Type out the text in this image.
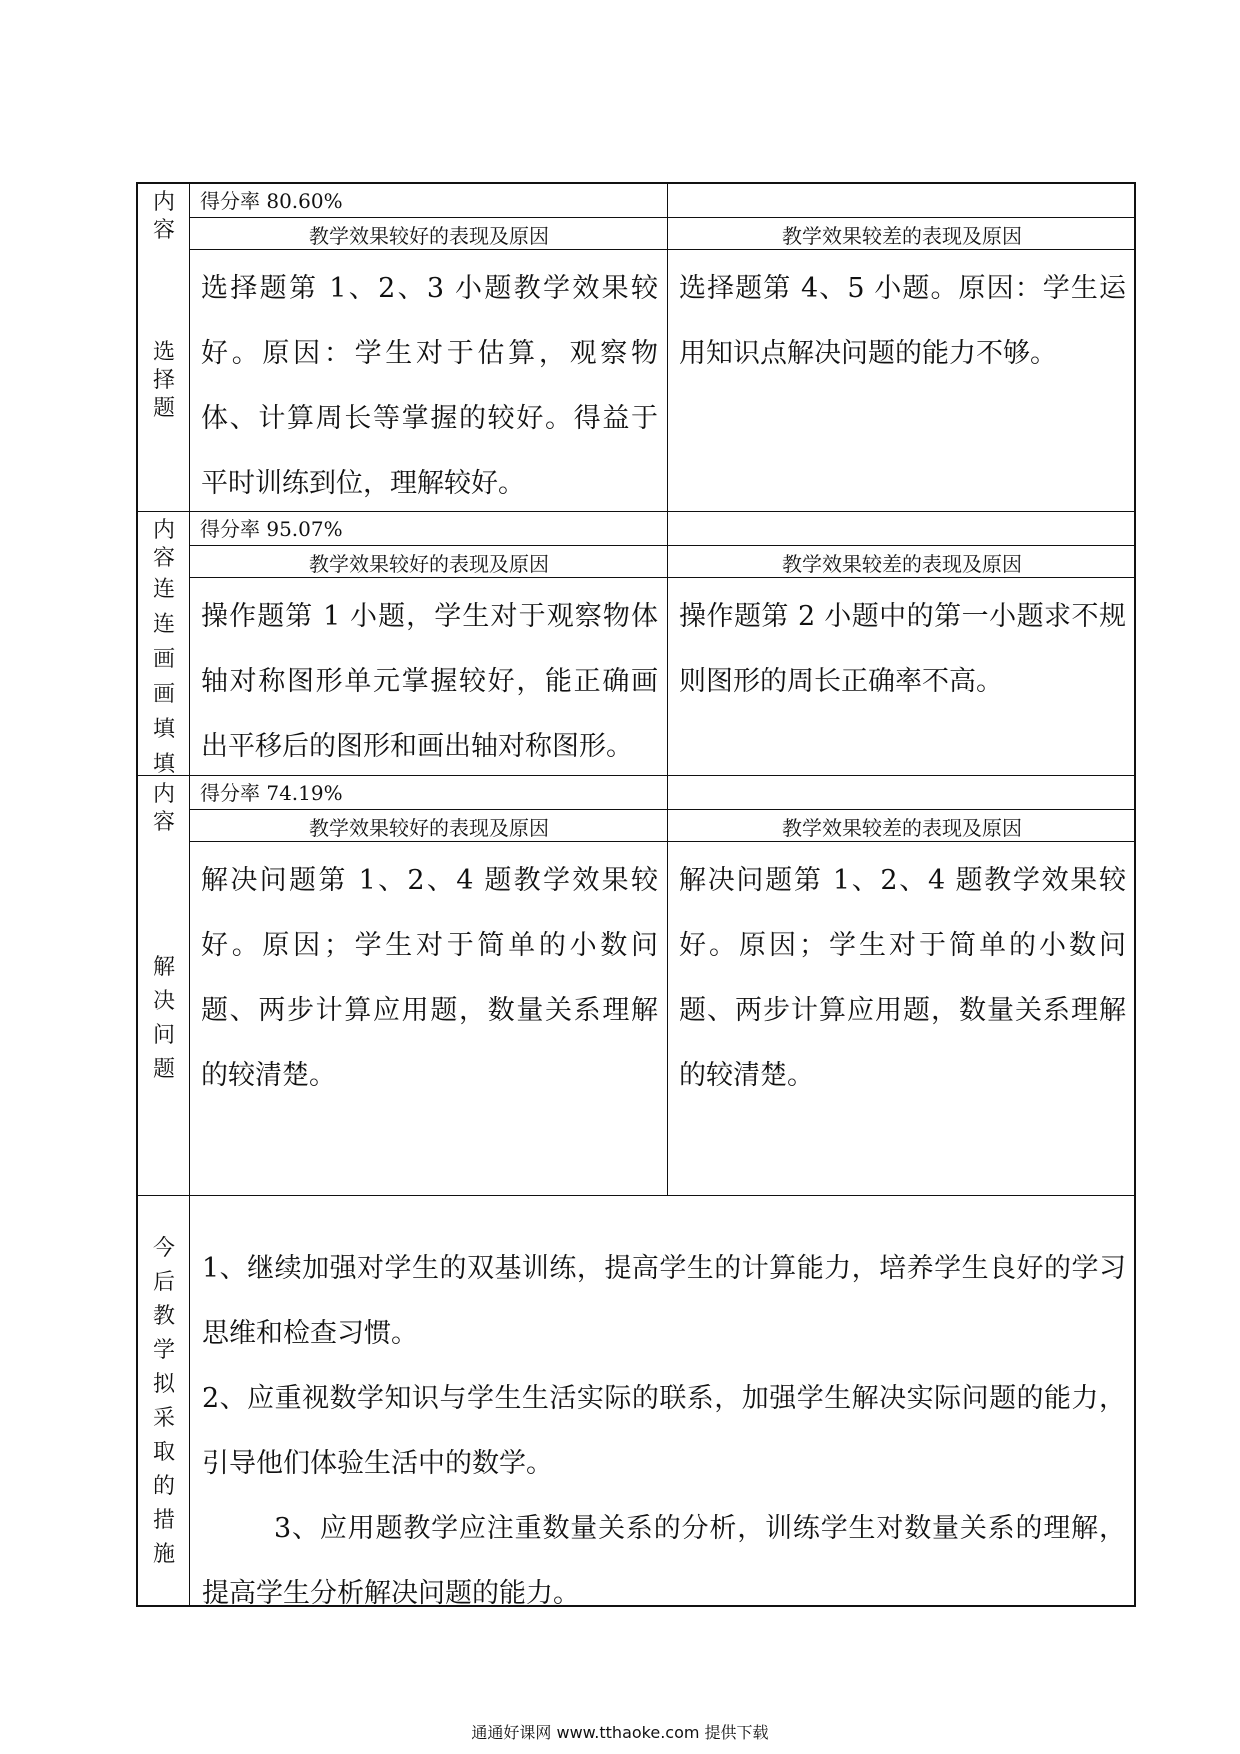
内
容
得分率 80.60%
教学效果较好的表现及原因	教学效果较差的表现及原因
选
择
题
选择题第 1、2、3 小题教学效果较好。原因：学生对于估算，观察物体、计算周长等掌握的较好。得益于平时训练到位，理解较好。
选择题第 4、5 小题。原因：学生运用知识点解决问题的能力不够。
内
容
得分率 95.07%
教学效果较好的表现及原因	教学效果较差的表现及原因
连
连
画
画
填
填
操作题第 1 小题，学生对于观察物体轴对称图形单元掌握较好，能正确画出平移后的图形和画出轴对称图形。
操作题第 2 小题中的第一小题求不规则图形的周长正确率不高。
内
容
得分率 74.19%
教学效果较好的表现及原因	教学效果较差的表现及原因
解
决
问
题
解决问题第 1、2、4 题教学效果较好。原因；学生对于简单的小数问题、两步计算应用题，数量关系理解的较清楚。
解决问题第 1、2、4 题教学效果较好。原因；学生对于简单的小数问题、两步计算应用题，数量关系理解的较清楚。
今
后
教
学
拟
采
取
的
措
施

1、继续加强对学生的双基训练，提高学生的计算能力，培养学生良好的学习思维和检查习惯。

2、应重视数学知识与学生生活实际的联系，加强学生解决实际问题的能力，引导他们体验生活中的数学。

3、应用题教学应注重数量关系的分析，训练学生对数量关系的理解，提高学生分析解决问题的能力。

通通好课网 www.tthaoke.com 提供下载
